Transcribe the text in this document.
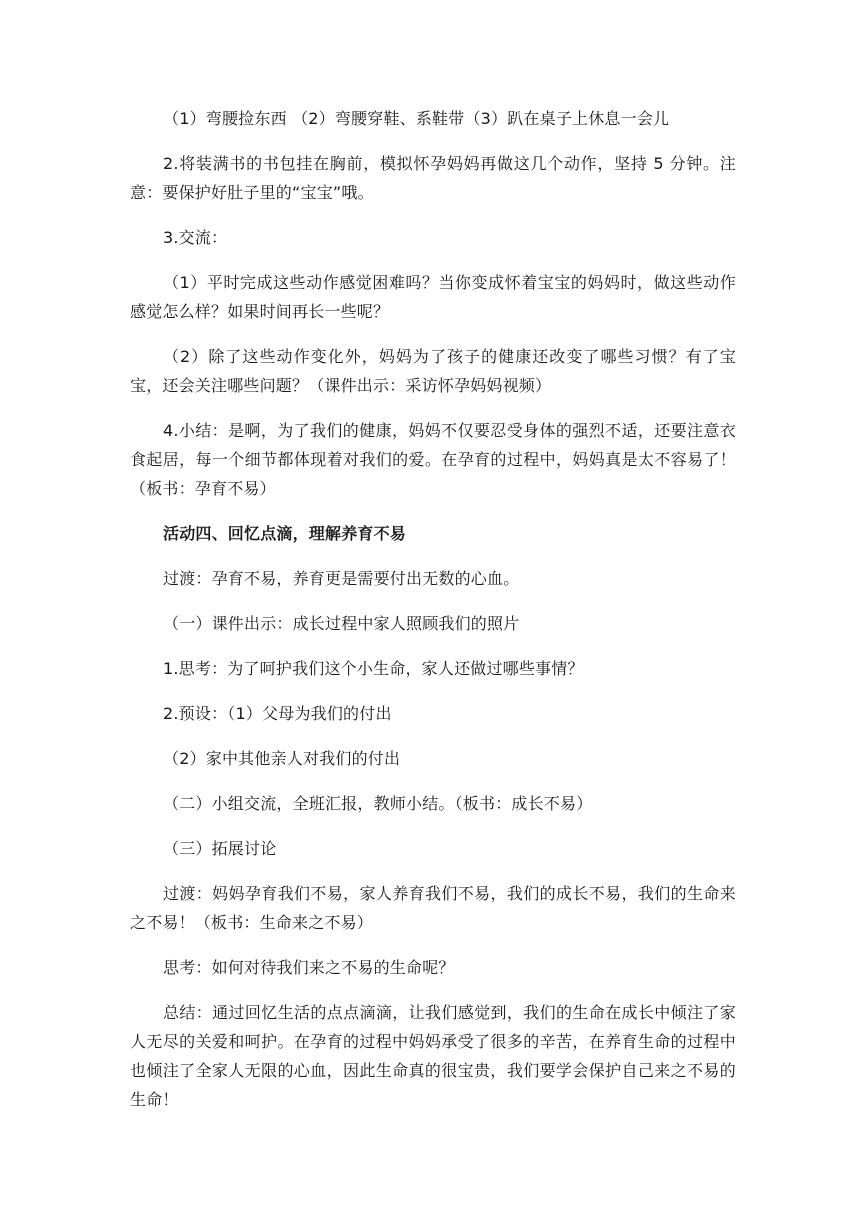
（1）弯腰捡东西 （2）弯腰穿鞋、系鞋带（3）趴在桌子上休息一会儿

2.将装满书的书包挂在胸前，模拟怀孕妈妈再做这几个动作，坚持 5 分钟。注意：要保护好肚子里的“宝宝”哦。

3.交流：

（1）平时完成这些动作感觉困难吗？当你变成怀着宝宝的妈妈时，做这些动作感觉怎么样？如果时间再长一些呢？

（2）除了这些动作变化外，妈妈为了孩子的健康还改变了哪些习惯？有了宝宝，还会关注哪些问题？（课件出示：采访怀孕妈妈视频）

4.小结：是啊，为了我们的健康，妈妈不仅要忍受身体的强烈不适，还要注意衣食起居，每一个细节都体现着对我们的爱。在孕育的过程中，妈妈真是太不容易了！（板书：孕育不易）

活动四、回忆点滴，理解养育不易

过渡：孕育不易，养育更是需要付出无数的心血。

（一）课件出示：成长过程中家人照顾我们的照片

1.思考：为了呵护我们这个小生命，家人还做过哪些事情？

2.预设：（1）父母为我们的付出

（2）家中其他亲人对我们的付出

（二）小组交流，全班汇报，教师小结。（板书：成长不易）

（三）拓展讨论

过渡：妈妈孕育我们不易，家人养育我们不易，我们的成长不易，我们的生命来之不易！（板书：生命来之不易）

思考：如何对待我们来之不易的生命呢？

总结：通过回忆生活的点点滴滴，让我们感觉到，我们的生命在成长中倾注了家人无尽的关爱和呵护。在孕育的过程中妈妈承受了很多的辛苦，在养育生命的过程中也倾注了全家人无限的心血，因此生命真的很宝贵，我们要学会保护自己来之不易的生命！
